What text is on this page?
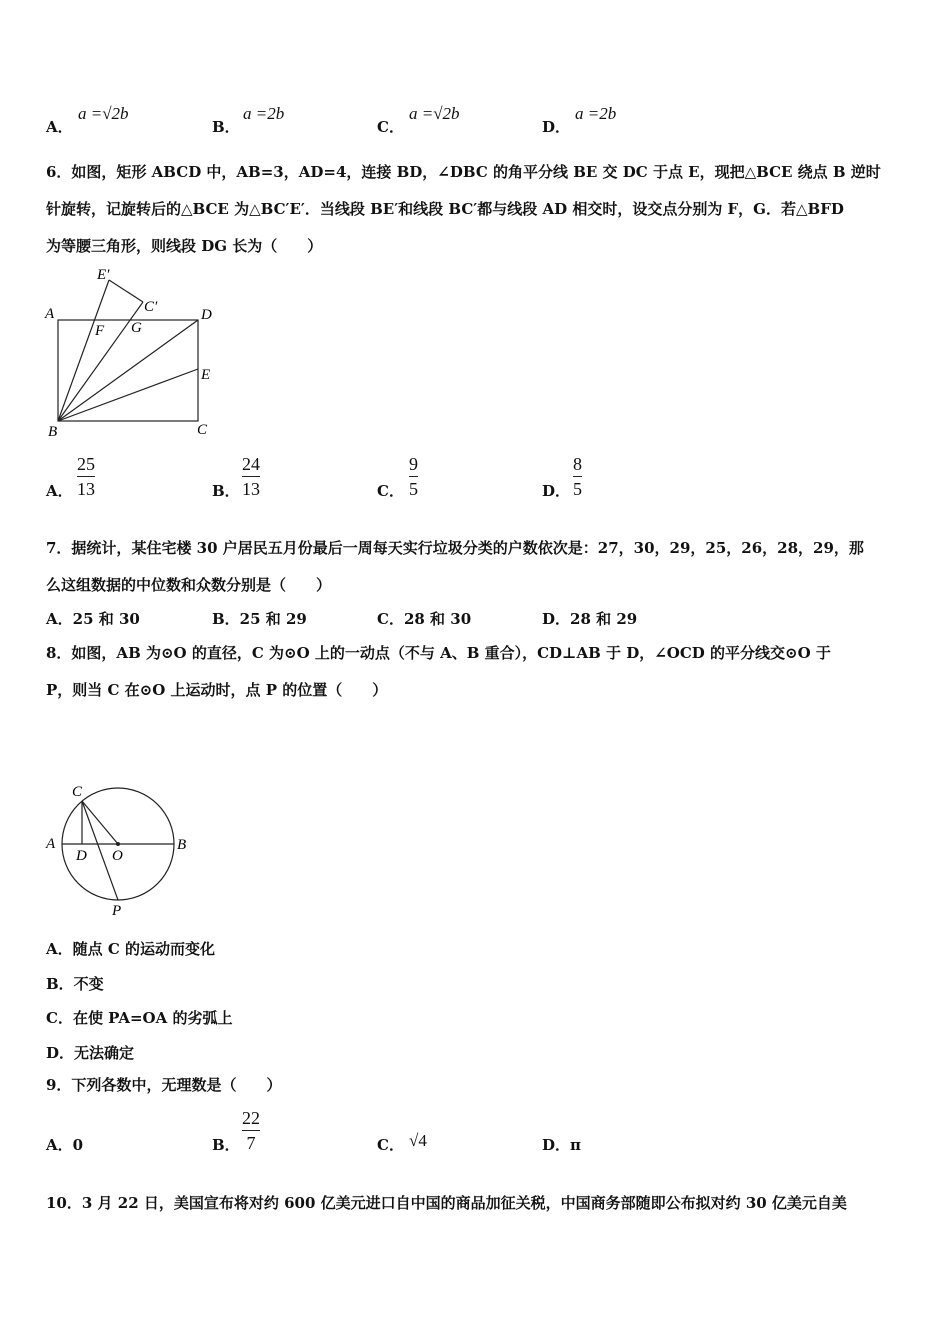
A．
a =√2b
B．
a =2b
C．
a =√2b
D．
a =2b
6．如图，矩形 ABCD 中，AB=3，AD=4，连接 BD，∠DBC 的角平分线 BE 交 DC 于点 E，现把△BCE 绕点 B 逆时
针旋转，记旋转后的△BCE 为△BC′E′．当线段 BE′和线段 BC′都与线段 AD 相交时，设交点分别为 F，G．若△BFD
为等腰三角形，则线段 DG 长为（　　）
E′
C′
A	D
F G
E
B	C
A．
25
13	B．
24
13	C．
9
5	D．
8
5
7．据统计，某住宅楼 30 户居民五月份最后一周每天实行垃圾分类的户数依次是：27，30，29，25，26，28，29，那
么这组数据的中位数和众数分别是（　　）
A．25 和 30	B．25 和 29	C．28 和 30	D．28 和 29
8．如图，AB 为⊙O 的直径，C 为⊙O 上的一动点（不与 A、B 重合），CD⊥AB 于 D，∠OCD 的平分线交⊙O 于
P，则当 C 在⊙O 上运动时，点 P 的位置（　　）
C
A
D O
B
P
A．随点 C 的运动而变化
B．不变
C．在使 PA=OA 的劣弧上
D．无法确定
9．下列各数中，无理数是（　　）
A．0	B．
22
7	C． √4	D．π
10．3 月 22 日，美国宣布将对约 600 亿美元进口自中国的商品加征关税，中国商务部随即公布拟对约 30 亿美元自美
